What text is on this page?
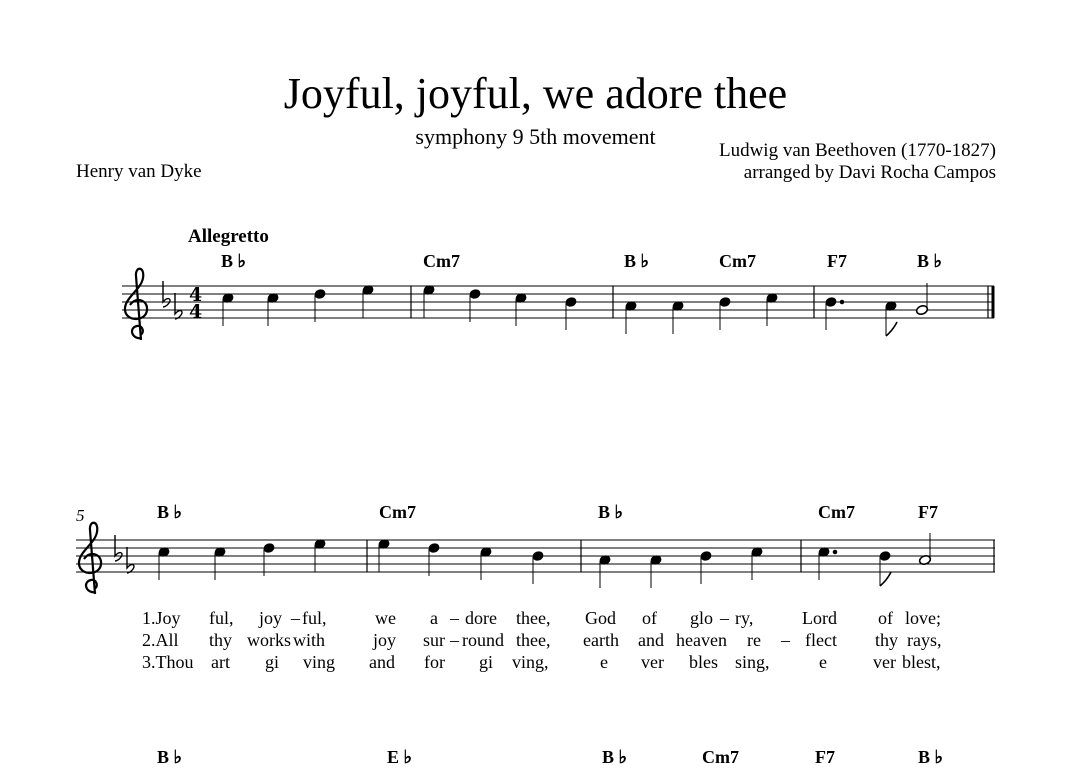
Joyful, joyful, we adore thee
symphony 9 5th movement
Henry van Dyke
Ludwig van Beethoven (1770-1827)
arranged by Davi Rocha Campos
Allegretto
B ♭	Cm7	B ♭	Cm7	F7	B ♭
5	B ♭	Cm7	B ♭	Cm7	F7
1.Joy ful, joy – ful,	we a – dore thee, God of glo – ry,	Lord of love;
2.All thy works with	joy sur – round thee, earth and heaven re – flect thy rays,
3.Thou art gi ving and for gi ving,	e ver bles sing,	e	ver blest,
B ♭	E ♭	B ♭	Cm7	F7	B ♭
4
4
